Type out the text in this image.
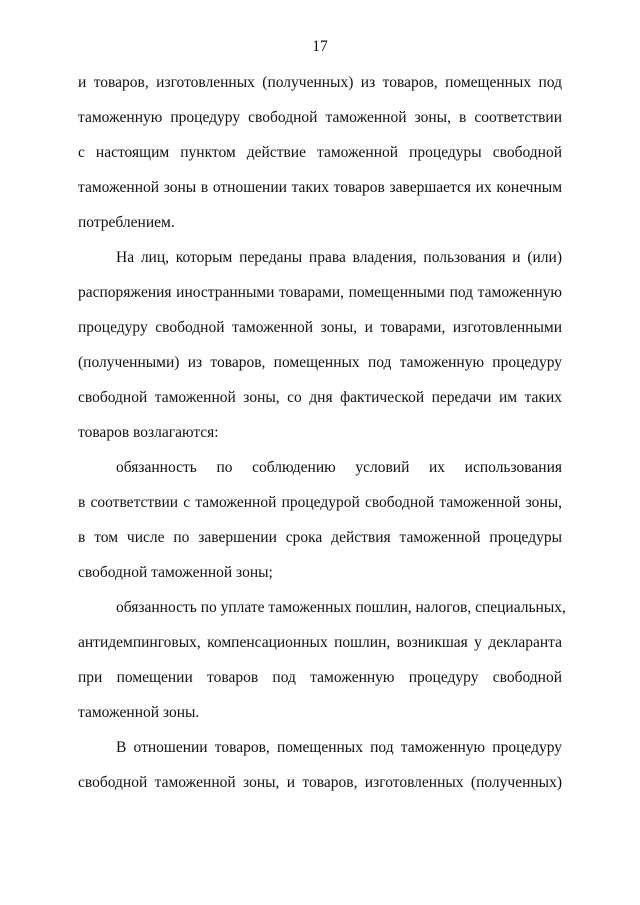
17
и товаров, изготовленных (полученных) из товаров, помещенных под
таможенную процедуру свободной таможенной зоны, в соответствии
с настоящим пунктом действие таможенной процедуры свободной
таможенной зоны в отношении таких товаров завершается их конечным
потреблением.
На лиц, которым переданы права владения, пользования и (или)
распоряжения иностранными товарами, помещенными под таможенную
процедуру свободной таможенной зоны, и товарами, изготовленными
(полученными) из товаров, помещенных под таможенную процедуру
свободной таможенной зоны, со дня фактической передачи им таких
товаров возлагаются:
обязанность по соблюдению условий их использования
в соответствии с таможенной процедурой свободной таможенной зоны,
в том числе по завершении срока действия таможенной процедуры
свободной таможенной зоны;
обязанность по уплате таможенных пошлин, налогов, специальных,
антидемпинговых, компенсационных пошлин, возникшая у декларанта
при помещении товаров под таможенную процедуру свободной
таможенной зоны.
В отношении товаров, помещенных под таможенную процедуру
свободной таможенной зоны, и товаров, изготовленных (полученных)
